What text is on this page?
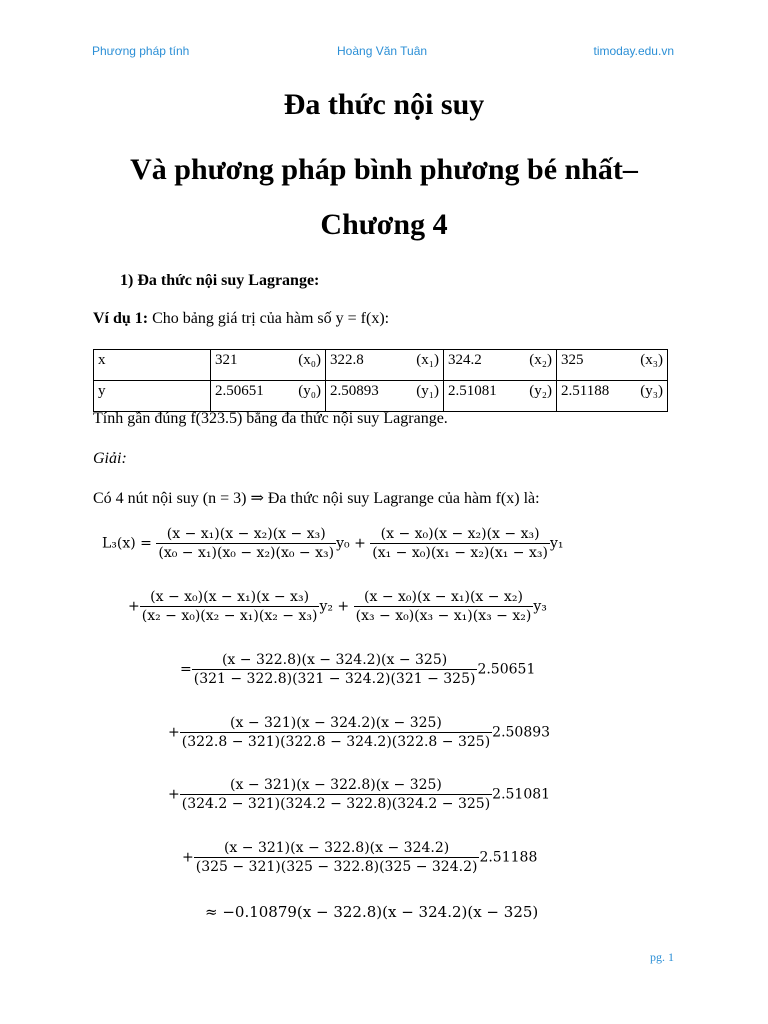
Phương pháp tính	Hoàng Văn Tuân	timoday.edu.vn
Đa thức nội suy
Và phương pháp bình phương bé nhất–
Chương 4
1) Đa thức nội suy Lagrange:
Ví dụ 1: Cho bảng giá trị của hàm số y = f(x):
x	321 (x₀)	322.8 (x₁)	324.2 (x₂)	325 (x₃)

y	2.50651 (y₀)	2.50893 (y₁)	2.51081 (y₂)	2.51188 (y₃)
Tính gần đúng f(323.5) bằng đa thức nội suy Lagrange.
Giải:
Có 4 nút nội suy (n = 3) ⇒ Đa thức nội suy Lagrange của hàm f(x) là:
$L_3(x) = \frac{\text{(x − x₁)(x − x₂)(x − x₃)}}{\text{(x₀ − x₁)(x₀ − x₂)(x₀ − x₃)}} y_0 + \frac{\text{(x − x₀)(x − x₂)(x − x₃)}}{\text{(x₁ − x₀)(x₁ − x₂)(x₁ − x₃)}} y_1$
+ $\frac{\text{(x − x₀)(x − x₁)(x − x₃)}}{\text{(x₂ − x₀)(x₂ − x₁)(x₂ − x₃)}} y_2 + \frac{\text{(x − x₀)(x − x₁)(x − x₂)}}{\text{(x₃ − x₀)(x₃ − x₁)(x₃ − x₂)}} y_3$
= $\frac{(x - 322.8)(x - 324.2)(x - 325)}{(321 - 322.8)(321 - 324.2)(321 - 325)} 2.50651$
+ $\frac{(x - 321)(x - 324.2)(x - 325)}{(322.8 - 321)(322.8 - 324.2)(322.8 - 325)} 2.50893$
+ $\frac{(x - 321)(x - 322.8)(x - 325)}{(324.2 - 321)(324.2 - 322.8)(324.2 - 325)} 2.51081$
+ $\frac{(x - 321)(x - 322.8)(x - 324.2)}{(325 - 321)(325 - 322.8)(325 - 324.2)} 2.51188$
≈ −0.10879(x − 322.8)(x − 324.2)(x − 325)
pg. 1
